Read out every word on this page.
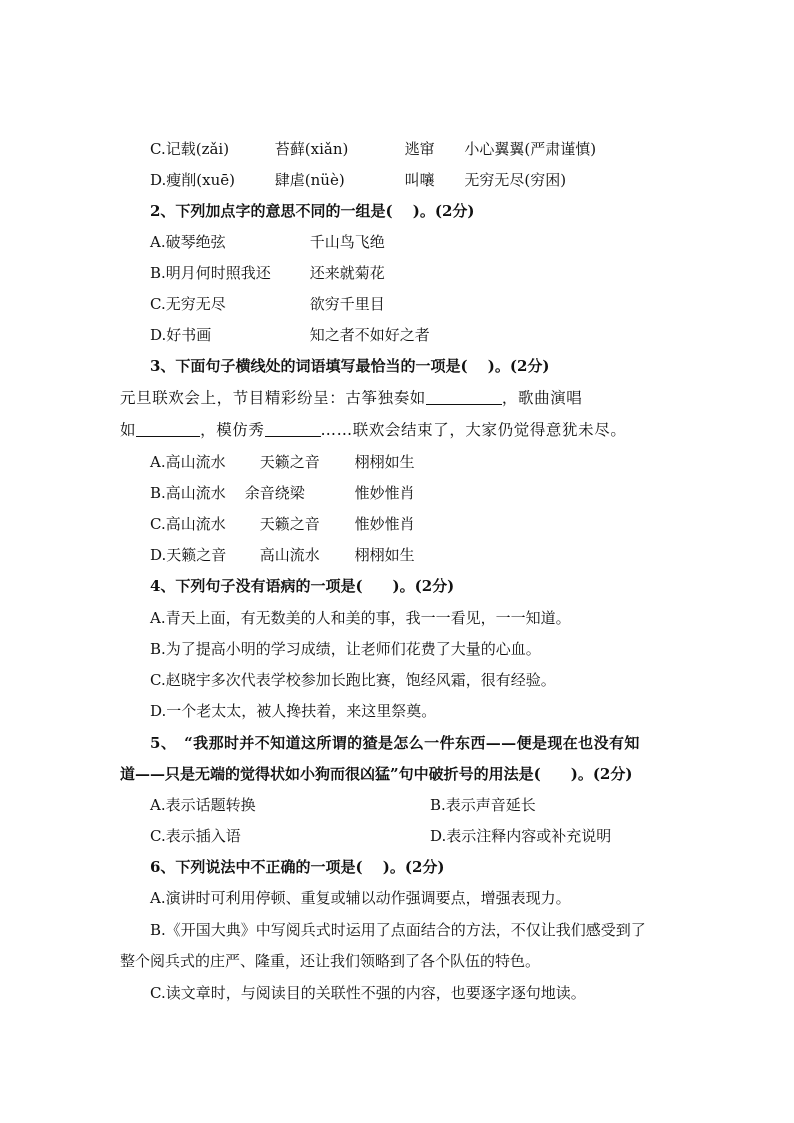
C.记载(zǎi)	苔藓(xiǎn)	逃窜 小心翼翼(严肃谨慎)
D.瘦削(xuē)	肆虐(nüè)	叫嚷 无穷无尽(穷困)
2、下列加点字的意思不同的一组是(　 )。(2分)
A.破琴绝弦	千山鸟飞绝
B.明月何时照我还	还来就菊花
C.无穷无尽	欲穷千里目
D.好书画	知之者不如好之者
3、下面句子横线处的词语填写最恰当的一项是(　 )。(2分)
元旦联欢会上，节目精彩纷呈：古筝独奏如	，歌曲演唱
如	，模仿秀	……联欢会结束了，大家仍觉得意犹未尽。
A.高山流水 天籁之音 栩栩如生
B.高山流水 余音绕梁	惟妙惟肖
C.高山流水 天籁之音 惟妙惟肖
D.天籁之音 高山流水 栩栩如生
4、下列句子没有语病的一项是(　　)。(2分)
A.青天上面，有无数美的人和美的事，我一一看见，一一知道。
B.为了提高小明的学习成绩，让老师们花费了大量的心血。
C.赵晓宇多次代表学校参加长跑比赛，饱经风霜，很有经验。
D.一个老太太，被人搀扶着，来这里祭奠。
5、　“我那时并不知道这所谓的猹是怎么一件东西——便是现在也没有知
道——只是无端的觉得状如小狗而很凶猛”句中破折号的用法是(　　)。(2分)
A.表示话题转换	B.表示声音延长
C.表示插入语	D.表示注释内容或补充说明
6、下列说法中不正确的一项是(　 )。(2分)
A.演讲时可利用停顿、重复或辅以动作强调要点，增强表现力。
B.《开国大典》中写阅兵式时运用了点面结合的方法，不仅让我们感受到了
整个阅兵式的庄严、隆重，还让我们领略到了各个队伍的特色。
C.读文章时，与阅读目的关联性不强的内容，也要逐字逐句地读。
